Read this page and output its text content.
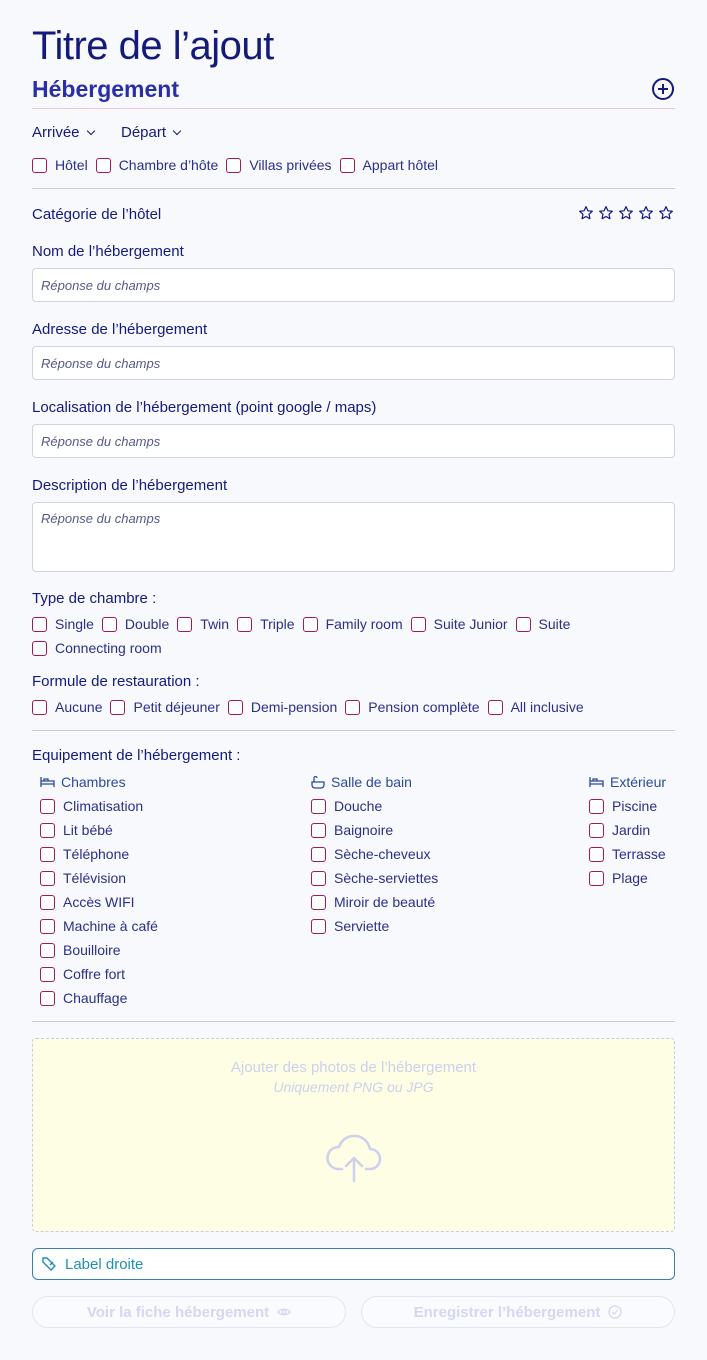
Titre de l’ajout
Hébergement
Arrivée	Départ
Hôtel Chambre d’hôte Villas privées Appart hôtel
Catégorie de l’hôtel
Nom de l’hébergement
Réponse du champs
Adresse de l’hébergement
Réponse du champs
Localisation de l’hébergement (point google / maps)
Réponse du champs
Description de l’hébergement
Réponse du champs
Type de chambre :
Single Double Twin Triple Family room Suite Junior Suite
Connecting room
Formule de restauration :
Aucune Petit déjeuner Demi-pension Pension complète All inclusive
Equipement de l’hébergement :
Chambres
Climatisation
Lit bébé
Téléphone
Télévision
Accès WIFI
Machine à café
Bouilloire
Coffre fort
Chauffage
Salle de bain
Douche
Baignoire
Sèche-cheveux
Sèche-serviettes
Miroir de beauté
Serviette
Extérieur
Piscine
Jardin
Terrasse
Plage
Ajouter des photos de l’hébergement
Uniquement PNG ou JPG
Label droite
Voir la fiche hébergement	Enregistrer l’hébergement
